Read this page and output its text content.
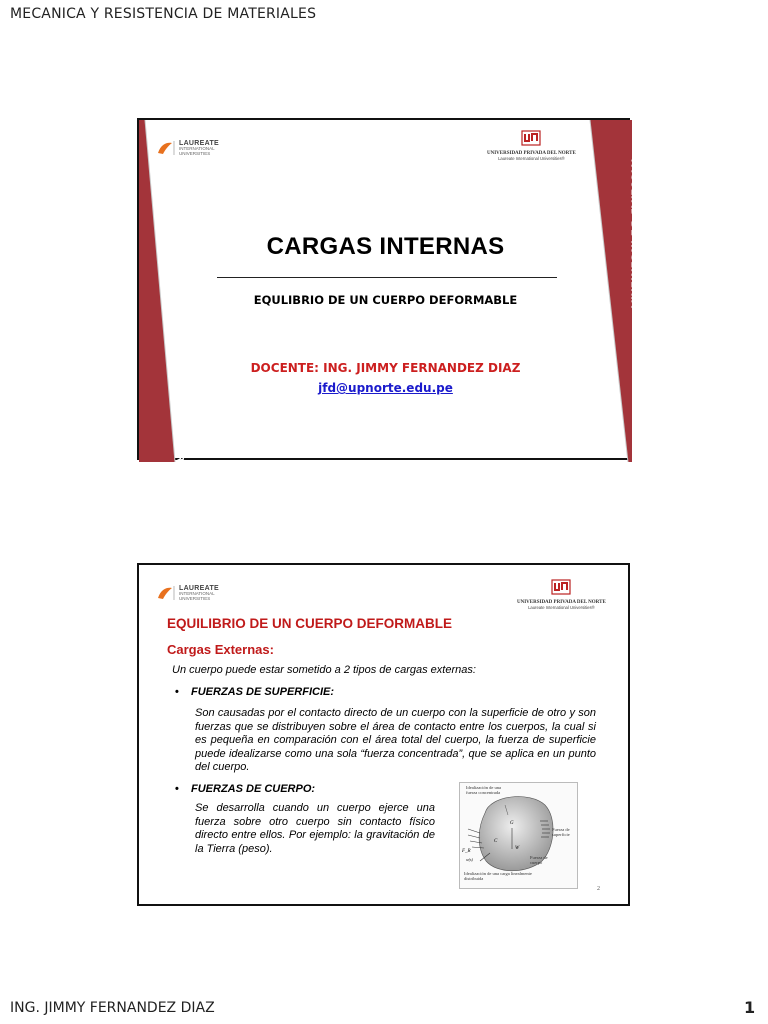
MECANICA Y RESISTENCIA DE MATERIALES
CARRERA DE INGENIERÍA INDUSTRIAL
FACULTAD DE INGENIERÍA
LAUREATE
INTERNATIONAL
UNIVERSITIES	UNIVERSIDAD PRIVADA DEL NORTE
Laureate International Universities®
CARGAS INTERNAS
EQULIBRIO DE UN CUERPO DEFORMABLE
DOCENTE: ING. JIMMY FERNANDEZ DIAZ
jfd@upnorte.edu.pe
LAUREATE
INTERNATIONAL
UNIVERSITIES
UNIVERSIDAD PRIVADA DEL NORTE
Laureate International Universities®
EQUILIBRIO DE UN CUERPO DEFORMABLE
Cargas Externas:
Un cuerpo puede estar sometido a 2 tipos de cargas externas:
• FUERZAS DE SUPERFICIE:
Son causadas por el contacto directo de un cuerpo con la superficie de otro y son fuerzas que se distribuyen sobre el área de contacto entre los cuerpos, la cual si es pequeña en comparación con el área total del cuerpo, la fuerza de superficie puede idealizarse como una sola “fuerza concentrada”, que se aplica en un punto del cuerpo.
• FUERZAS DE CUERPO:
Se desarrolla cuando un cuerpo ejerce una fuerza sobre otro cuerpo sin contacto físico directo entre ellos. Por ejemplo: la gravitación de la Tierra (peso).
Idealización de una fuerza concentrada
Fuerza de superficie
Fuerza de cuerpo
Idealización de una carga linealmente distribuida
G
W
C
F_R
w(s)
2
ING. JIMMY FERNANDEZ DIAZ	1
